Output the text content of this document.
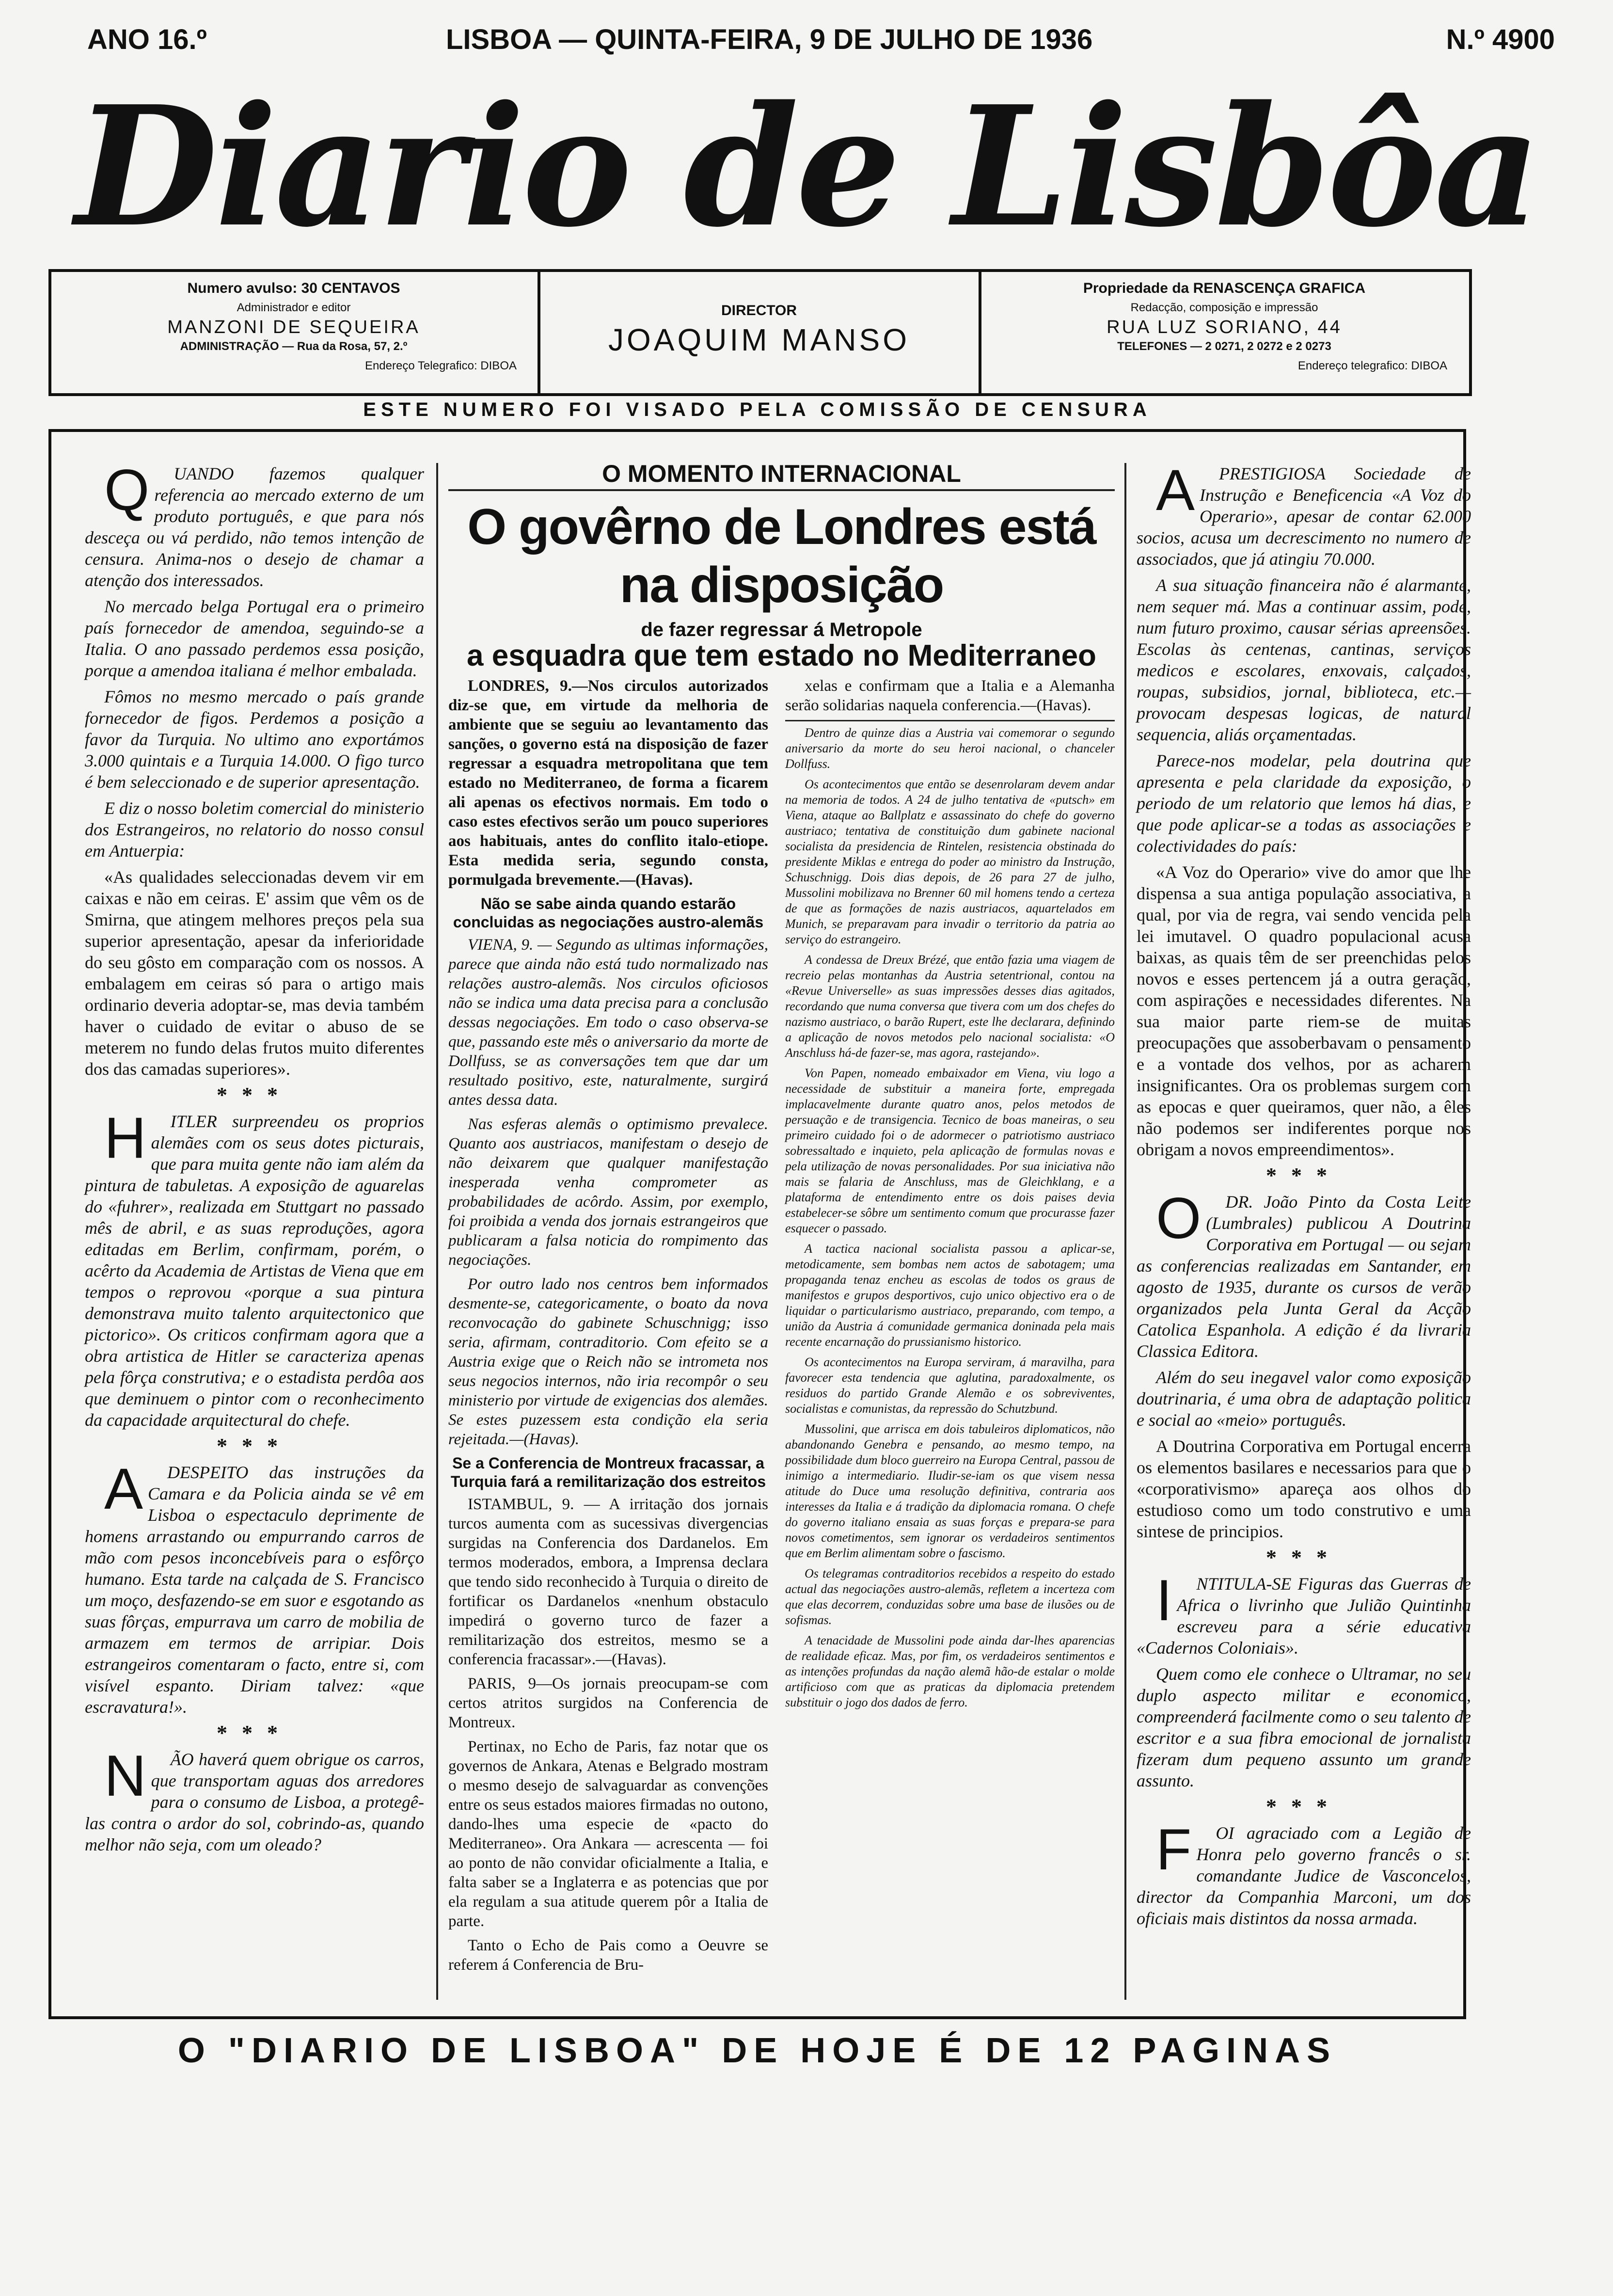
ANO 16.º	LISBOA — QUINTA-FEIRA, 9 DE JULHO DE 1936	N.º 4900
Diario de Lisbôa
Numero avulso: 30 CENTAVOS
Administrador e editor
MANZONI DE SEQUEIRA
ADMINISTRAÇÃO — Rua da Rosa, 57, 2.º
Endereço Telegrafico: DIBOA
DIRECTOR
JOAQUIM MANSO
Propriedade da RENASCENÇA GRAFICA
Redacção, composição e impressão
RUA LUZ SORIANO, 44
TELEFONES — 2 0271, 2 0272 e 2 0273
Endereço telegrafico: DIBOA
ESTE NUMERO FOI VISADO PELA COMISSÃO DE CENSURA

Q UANDO fazemos qualquer referencia ao mercado externo de um produto português, e que para nós desceça ou vá perdido, não temos intenção de censura. Anima-nos o desejo de chamar a atenção dos interessados.

No mercado belga Portugal era o primeiro país fornecedor de amendoa, seguindo-se a Italia. O ano passado perdemos essa posição, porque a amendoa italiana é melhor embalada.

Fômos no mesmo mercado o país grande fornecedor de figos. Perdemos a posição a favor da Turquia. No ultimo ano exportámos 3.000 quintais e a Turquia 14.000. O figo turco é bem seleccionado e de superior apresentação.

E diz o nosso boletim comercial do ministerio dos Estrangeiros, no relatorio do nosso consul em Antuerpia:

«As qualidades seleccionadas devem vir em caixas e não em ceiras. E' assim que vêm os de Smirna, que atingem melhores preços pela sua superior apresentação, apesar da inferioridade do seu gôsto em comparação com os nossos. A embalagem em ceiras só para o artigo mais ordinario deveria adoptar-se, mas devia também haver o cuidado de evitar o abuso de se meterem no fundo delas frutos muito diferentes dos das camadas superiores».

***

H ITLER surpreendeu os proprios alemães com os seus dotes picturais, que para muita gente não iam além da pintura de tabuletas. A exposição de aguarelas do «fuhrer», realizada em Stuttgart no passado mês de abril, e as suas reproduções, agora editadas em Berlim, confirmam, porém, o acêrto da Academia de Artistas de Viena que em tempos o reprovou «porque a sua pintura demonstrava muito talento arquitectonico que pictorico». Os criticos confirmam agora que a obra artistica de Hitler se caracteriza apenas pela fôrça construtiva; e o estadista perdôa aos que deminuem o pintor com o reconhecimento da capacidade arquitectural do chefe.

***

A DESPEITO das instruções da Camara e da Policia ainda se vê em Lisboa o espectaculo deprimente de homens arrastando ou empurrando carros de mão com pesos inconcebíveis para o esfôrço humano. Esta tarde na calçada de S. Francisco um moço, desfazendo-se em suor e esgotando as suas fôrças, empurrava um carro de mobilia de armazem em termos de arripiar. Dois estrangeiros comentaram o facto, entre si, com visível espanto. Diriam talvez: «que escravatura!».

***

N ÃO haverá quem obrigue os carros, que transportam aguas dos arredores para o consumo de Lisboa, a protegê-las contra o ardor do sol, cobrindo-as, quando melhor não seja, com um oleado?

O MOMENTO INTERNACIONAL
O govêrno de Londres está na disposição
de fazer regressar á Metropole
a esquadra que tem estado no Mediterraneo

LONDRES, 9.—Nos circulos autorizados diz-se que, em virtude da melhoria de ambiente que se seguiu ao levantamento das sanções, o governo está na disposição de fazer regressar a esquadra metropolitana que tem estado no Mediterraneo, de forma a ficarem ali apenas os efectivos normais. Em todo o caso estes efectivos serão um pouco superiores aos habituais, antes do conflito italo-etiope. Esta medida seria, segundo consta, pormulgada brevemente.—(Havas).

Não se sabe ainda quando estarão concluidas as negociações austro-alemãs

VIENA, 9. — Segundo as ultimas informações, parece que ainda não está tudo normalizado nas relações austro-alemãs. Nos circulos oficiosos não se indica uma data precisa para a conclusão dessas negociações. Em todo o caso observa-se que, passando este mês o aniversario da morte de Dollfuss, se as conversações tem que dar um resultado positivo, este, naturalmente, surgirá antes dessa data.

Nas esferas alemãs o optimismo prevalece. Quanto aos austriacos, manifestam o desejo de não deixarem que qualquer manifestação inesperada venha comprometer as probabilidades de acôrdo. Assim, por exemplo, foi proibida a venda dos jornais estrangeiros que publicaram a falsa noticia do rompimento das negociações.

Por outro lado nos centros bem informados desmente-se, categoricamente, o boato da nova reconvocação do gabinete Schuschnigg; isso seria, afirmam, contraditorio. Com efeito se a Austria exige que o Reich não se intrometa nos seus negocios internos, não iria recompôr o seu ministerio por virtude de exigencias dos alemães. Se estes puzessem esta condição ela seria rejeitada.—(Havas).

Se a Conferencia de Montreux fracassar, a Turquia fará a remilitarização dos estreitos

ISTAMBUL, 9. — A irritação dos jornais turcos aumenta com as sucessivas divergencias surgidas na Conferencia dos Dardanelos. Em termos moderados, embora, a Imprensa declara que tendo sido reconhecido à Turquia o direito de fortificar os Dardanelos «nenhum obstaculo impedirá o governo turco de fazer a remilitarização dos estreitos, mesmo se a conferencia fracassar».—(Havas).

PARIS, 9—Os jornais preocupam-se com certos atritos surgidos na Conferencia de Montreux.

Pertinax, no Echo de Paris, faz notar que os governos de Ankara, Atenas e Belgrado mostram o mesmo desejo de salvaguardar as convenções entre os seus estados maiores firmadas no outono, dando-lhes uma especie de «pacto do Mediterraneo». Ora Ankara — acrescenta — foi ao ponto de não convidar oficialmente a Italia, e falta saber se a Inglaterra e as potencias que por ela regulam a sua atitude querem pôr a Italia de parte.

Tanto o Echo de Pais como a Oeuvre se referem á Conferencia de Bru-

xelas e confirmam que a Italia e a Alemanha serão solidarias naquela conferencia.—(Havas).

Dentro de quinze dias a Austria vai comemorar o segundo aniversario da morte do seu heroi nacional, o chanceler Dollfuss.

Os acontecimentos que então se desenrolaram devem andar na memoria de todos. A 24 de julho tentativa de «putsch» em Viena, ataque ao Ballplatz e assassinato do chefe do governo austriaco; tentativa de constituição dum gabinete nacional socialista da presidencia de Rintelen, resistencia obstinada do presidente Miklas e entrega do poder ao ministro da Instrução, Schuschnigg. Dois dias depois, de 26 para 27 de julho, Mussolini mobilizava no Brenner 60 mil homens tendo a certeza de que as formações de nazis austriacos, aquartelados em Munich, se preparavam para invadir o territorio da patria ao serviço do estrangeiro.

A condessa de Dreux Brézé, que então fazia uma viagem de recreio pelas montanhas da Austria setentrional, contou na «Revue Universelle» as suas impressões desses dias agitados, recordando que numa conversa que tivera com um dos chefes do nazismo austriaco, o barão Rupert, este lhe declarara, definindo a aplicação de novos metodos pelo nacional socialista: «O Anschluss há-de fazer-se, mas agora, rastejando».

Von Papen, nomeado embaixador em Viena, viu logo a necessidade de substituir a maneira forte, empregada implacavelmente durante quatro anos, pelos metodos de persuação e de transigencia. Tecnico de boas maneiras, o seu primeiro cuidado foi o de adormecer o patriotismo austriaco sobressaltado e inquieto, pela aplicação de formulas novas e pela utilização de novas personalidades. Por sua iniciativa não mais se falaria de Anschluss, mas de Gleichklang, e a plataforma de entendimento entre os dois paises devia estabelecer-se sôbre um sentimento comum que procurasse fazer esquecer o passado.

A tactica nacional socialista passou a aplicar-se, metodicamente, sem bombas nem actos de sabotagem; uma propaganda tenaz encheu as escolas de todos os graus de manifestos e grupos desportivos, cujo unico objectivo era o de liquidar o particularismo austriaco, preparando, com tempo, a união da Austria á comunidade germanica doninada pela mais recente encarnação do prussianismo historico.

Os acontecimentos na Europa serviram, á maravilha, para favorecer esta tendencia que aglutina, paradoxalmente, os residuos do partido Grande Alemão e os sobreviventes, socialistas e comunistas, da repressão do Schutzbund.

Mussolini, que arrisca em dois tabuleiros diplomaticos, não abandonando Genebra e pensando, ao mesmo tempo, na possibilidade dum bloco guerreiro na Europa Central, passou de inimigo a intermediario. Iludir-se-iam os que visem nessa atitude do Duce uma resolução definitiva, contraria aos interesses da Italia e á tradição da diplomacia romana. O chefe do governo italiano ensaia as suas forças e prepara-se para novos cometimentos, sem ignorar os verdadeiros sentimentos que em Berlim alimentam sobre o fascismo.

Os telegramas contraditorios recebidos a respeito do estado actual das negociações austro-alemãs, refletem a incerteza com que elas decorrem, conduzidas sobre uma base de ilusões ou de sofismas.

A tenacidade de Mussolini pode ainda dar-lhes aparencias de realidade eficaz. Mas, por fim, os verdadeiros sentimentos e as intenções profundas da nação alemã hão-de estalar o molde artificioso com que as praticas da diplomacia pretendem substituir o jogo dos dados de ferro.

A PRESTIGIOSA Sociedade de Instrução e Beneficencia «A Voz do Operario», apesar de contar 62.000 socios, acusa um decrescimento no numero de associados, que já atingiu 70.000.

A sua situação financeira não é alarmante, nem sequer má. Mas a continuar assim, pode, num futuro proximo, causar sérias apreensões. Escolas às centenas, cantinas, serviços medicos e escolares, enxovais, calçados, roupas, subsidios, jornal, biblioteca, etc.—provocam despesas logicas, de natural sequencia, aliás orçamentadas.

Parece-nos modelar, pela doutrina que apresenta e pela claridade da exposição, o periodo de um relatorio que lemos há dias, e que pode aplicar-se a todas as associações e colectividades do país:

«A Voz do Operario» vive do amor que lhe dispensa a sua antiga população associativa, a qual, por via de regra, vai sendo vencida pela lei imutavel. O quadro populacional acusa baixas, as quais têm de ser preenchidas pelos novos e esses pertencem já a outra geração, com aspirações e necessidades diferentes. Na sua maior parte riem-se de muitas preocupações que assoberbavam o pensamento e a vontade dos velhos, por as acharem insignificantes. Ora os problemas surgem com as epocas e quer queiramos, quer não, a êles não podemos ser indiferentes porque nos obrigam a novos empreendimentos».

***

O DR. João Pinto da Costa Leite (Lumbrales) publicou A Doutrina Corporativa em Portugal — ou sejam as conferencias realizadas em Santander, em agosto de 1935, durante os cursos de verão organizados pela Junta Geral da Acção Catolica Espanhola. A edição é da livraria Classica Editora.

Além do seu inegavel valor como exposição doutrinaria, é uma obra de adaptação politica e social ao «meio» português.

A Doutrina Corporativa em Portugal encerra os elementos basilares e necessarios para que o «corporativismo» apareça aos olhos do estudioso como um todo construtivo e uma sintese de principios.

***

I NTITULA-SE Figuras das Guerras de Africa o livrinho que Julião Quintinha escreveu para a série educativa «Cadernos Coloniais».

Quem como ele conhece o Ultramar, no seu duplo aspecto militar e economico, compreenderá facilmente como o seu talento de escritor e a sua fibra emocional de jornalista fizeram dum pequeno assunto um grande assunto.

***

F OI agraciado com a Legião de Honra pelo governo francês o sr. comandante Judice de Vasconcelos, director da Companhia Marconi, um dos oficiais mais distintos da nossa armada.

O "DIARIO DE LISBOA" DE HOJE É DE 12 PAGINAS
